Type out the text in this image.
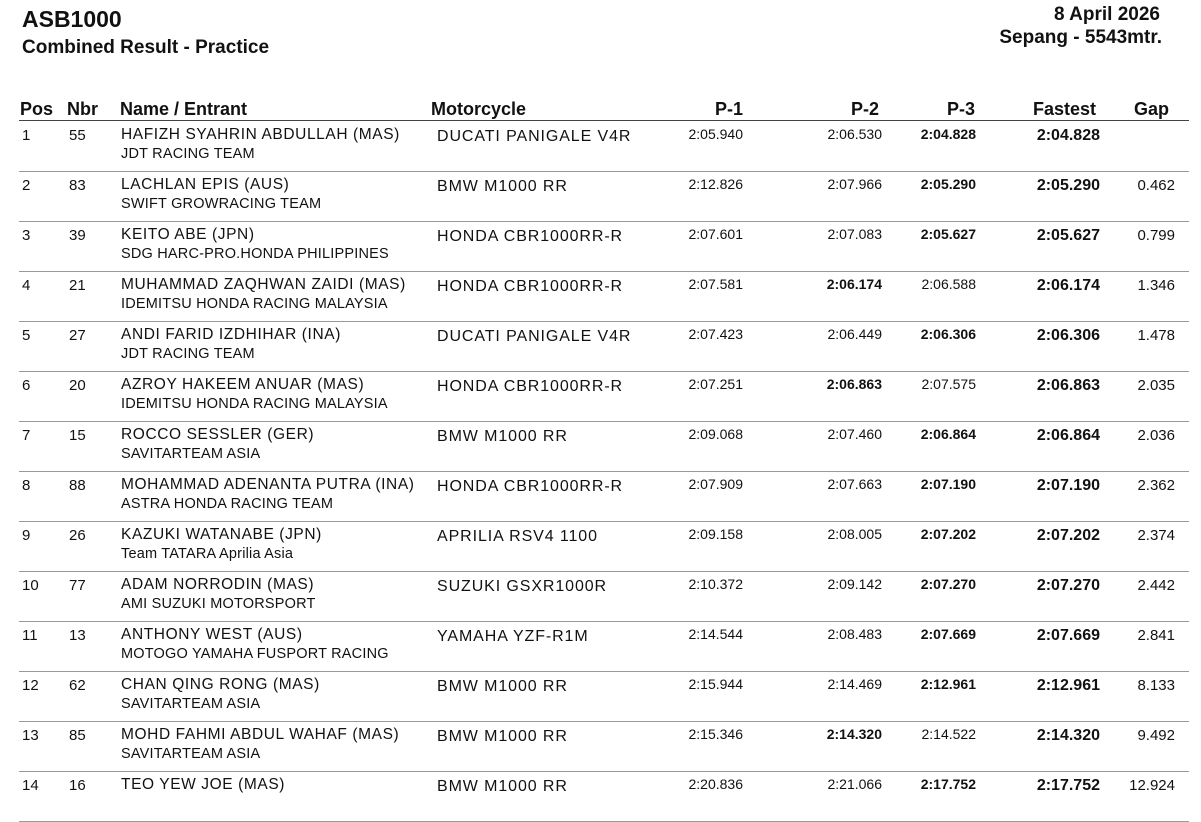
ASB1000
Combined Result - Practice
8 April 2026
Sepang - 5543mtr.
Pos Nbr Name / Entrant	Motorcycle	P-1	P-2	P-3	Fastest Gap
1	55 HAFIZH SYAHRIN ABDULLAH (MAS)
JDT RACING TEAM
DUCATI PANIGALE V4R	2:05.940	2:06.530	2:04.828	2:04.828
2	83 LACHLAN EPIS (AUS)
SWIFT GROWRACING TEAM
BMW M1000 RR	2:12.826	2:07.966	2:05.290	2:05.290	0.462
3	39 KEITO ABE (JPN)
SDG HARC-PRO.HONDA PHILIPPINES
HONDA CBR1000RR-R	2:07.601	2:07.083	2:05.627	2:05.627	0.799
4	21 MUHAMMAD ZAQHWAN ZAIDI (MAS)
IDEMITSU HONDA RACING MALAYSIA
HONDA CBR1000RR-R	2:07.581	2:06.174	2:06.588	2:06.174	1.346
5	27 ANDI FARID IZDHIHAR (INA)
JDT RACING TEAM
DUCATI PANIGALE V4R	2:07.423	2:06.449	2:06.306	2:06.306	1.478
6	20 AZROY HAKEEM ANUAR (MAS)
IDEMITSU HONDA RACING MALAYSIA
HONDA CBR1000RR-R	2:07.251	2:06.863	2:07.575	2:06.863	2.035
7	15 ROCCO SESSLER (GER)
SAVITARTEAM ASIA
BMW M1000 RR	2:09.068	2:07.460	2:06.864	2:06.864	2.036
8	88 MOHAMMAD ADENANTA PUTRA (INA)
ASTRA HONDA RACING TEAM
HONDA CBR1000RR-R	2:07.909	2:07.663	2:07.190	2:07.190	2.362
9	26 KAZUKI WATANABE (JPN)
Team TATARA Aprilia Asia
APRILIA RSV4 1100	2:09.158	2:08.005	2:07.202	2:07.202	2.374
10 77 ADAM NORRODIN (MAS)
AMI SUZUKI MOTORSPORT
SUZUKI GSXR1000R	2:10.372	2:09.142	2:07.270	2:07.270	2.442
11 13 ANTHONY WEST (AUS)
MOTOGO YAMAHA FUSPORT RACING
YAMAHA YZF-R1M	2:14.544	2:08.483	2:07.669	2:07.669	2.841
12 62 CHAN QING RONG (MAS)
SAVITARTEAM ASIA
BMW M1000 RR	2:15.944	2:14.469	2:12.961	2:12.961	8.133
13 85 MOHD FAHMI ABDUL WAHAF (MAS)
SAVITARTEAM ASIA
BMW M1000 RR	2:15.346	2:14.320	2:14.522	2:14.320	9.492
14 16 TEO YEW JOE (MAS)	BMW M1000 RR	2:20.836	2:21.066	2:17.752	2:17.752	12.924
